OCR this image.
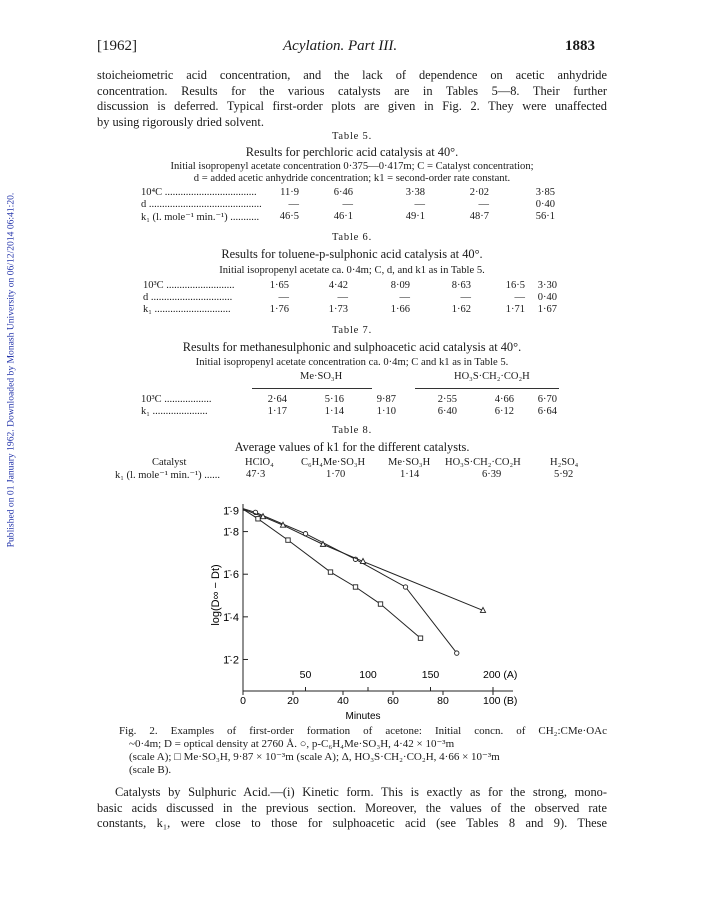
Published on 01 January 1962. Downloaded by Monash University on 06/12/2014 06:41:20.
[1962]	Acylation. Part III.	1883
stoicheiometric acid concentration, and the lack of dependence on acetic anhydride
concentration. Results for the various catalysts are in Tables 5—8. Their further
discussion is deferred. Typical first-order plots are given in Fig. 2. They were unaffected
by using rigorously dried solvent.
Table 5.
Results for perchloric acid catalysis at 40°.
Initial isopropenyl acetate concentration 0·375—0·417m; C = Catalyst concentration;
d = added acetic anhydride concentration; k1 = second-order rate constant.
10⁴C ...................................	11·9	6·46	3·38	2·02	3·85
d ...........................................	—	—	—	—	0·40
k₁ (l. mole⁻¹ min.⁻¹) ...........	46·5	46·1	49·1	48·7	56·1
Table 6.
Results for toluene-p-sulphonic acid catalysis at 40°.
Initial isopropenyl acetate ca. 0·4m; C, d, and k1 as in Table 5.
10³C ..........................	1·65	4·42	8·09	8·63	16·5	3·30
d ...............................	—	—	—	—	—	0·40
k₁ .............................	1·76	1·73	1·66	1·62	1·71	1·67
Table 7.
Results for methanesulphonic and sulphoacetic acid catalysis at 40°.
Initial isopropenyl acetate concentration ca. 0·4m; C and k1 as in Table 5.
Me·SO₃H	HO₃S·CH₂·CO₂H
10³C ..................	2·64	5·16	9·87	2·55	4·66	6·70
k₁ .....................	1·17	1·14	1·10	6·40	6·12	6·64
Table 8.
Average values of k1 for the different catalysts.
Catalyst	HClO₄	C₆H₄Me·SO₃H	Me·SO₃H	HO₃S·CH₂·CO₂H	H₂SO₄
k₁ (l. mole⁻¹ min.⁻¹) ...... 47·3	1·70	1·14	6·39	5·92
1̄·9
1̄·8
1̄·6
1̄·4
1̄·2
log(D∞ − Dt)
50	100	150	200 (A)
0	20	40	60	80	100 (B)
Minutes
Fig. 2. Examples of first-order formation of acetone: Initial concn. of CH₂:CMe·OAc
~0·4m; D = optical density at 2760 Å. ○, p-C₆H₄Me·SO₃H, 4·42 × 10⁻³m
(scale A); □ Me·SO₃H, 9·87 × 10⁻³m (scale A); Δ, HO₃S·CH₂·CO₂H, 4·66 × 10⁻³m
(scale B).
Catalysts by Sulphuric Acid.—(i) Kinetic form. This is exactly as for the strong, mono-
basic acids discussed in the previous section. Moreover, the values of the observed rate
constants, k₁, were close to those for sulphoacetic acid (see Tables 8 and 9). These
